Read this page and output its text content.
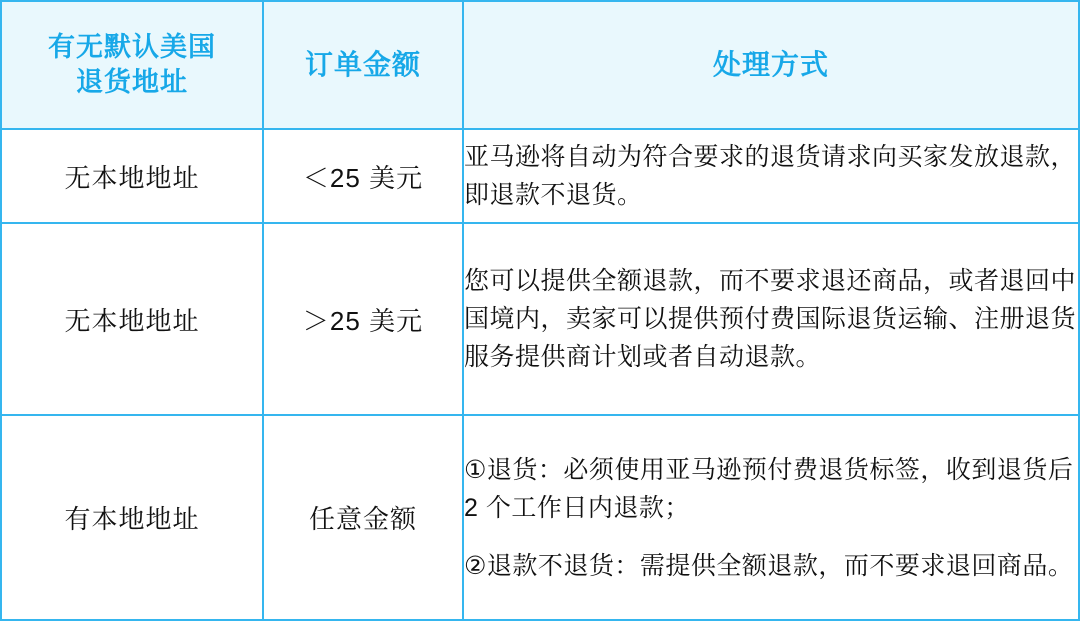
有无默认美国
退货地址	订单金额	处理方式
无本地地址	＜25 美元	亚马逊将自动为符合要求的退货请求向买家发放退款，即退款不退货。

无本地地址	＞25 美元	您可以提供全额退款，而不要求退还商品，或者退回中国境内，卖家可以提供预付费国际退货运输、注册退货服务提供商计划或者自动退款。

有本地地址	任意金额	①退货：必须使用亚马逊预付费退货标签，收到退货后 2 个工作日内退款；

②退款不退货：需提供全额退款，而不要求退回商品。
